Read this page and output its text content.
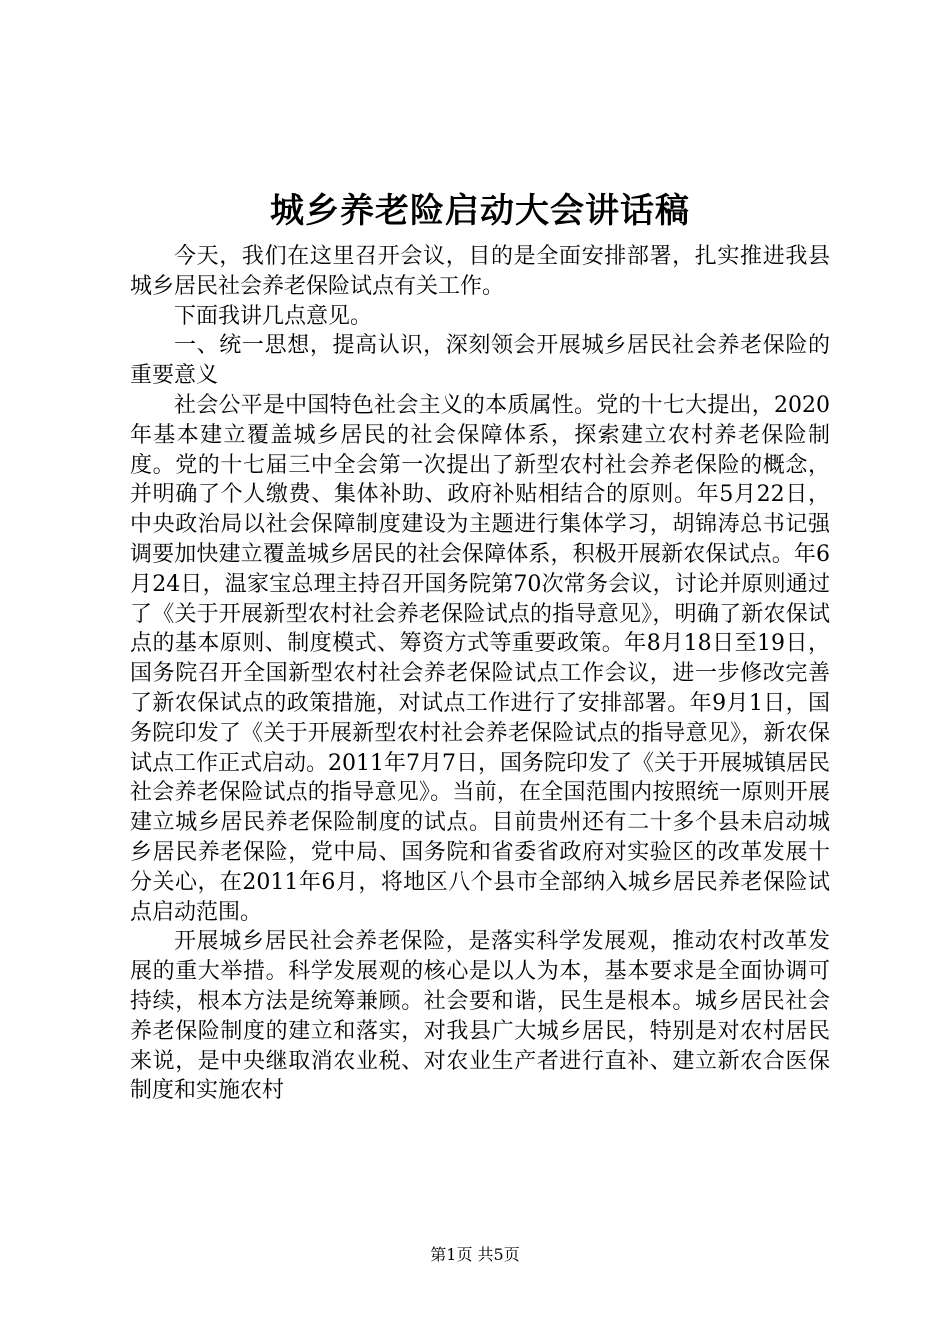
城乡养老险启动大会讲话稿

今天，我们在这里召开会议，目的是全面安排部署，扎实推进我县城乡居民社会养老保险试点有关工作。

下面我讲几点意见。

一、统一思想，提高认识，深刻领会开展城乡居民社会养老保险的重要意义

社会公平是中国特色社会主义的本质属性。党的十七大提出，2020年基本建立覆盖城乡居民的社会保障体系，探索建立农村养老保险制度。党的十七届三中全会第一次提出了新型农村社会养老保险的概念，并明确了个人缴费、集体补助、政府补贴相结合的原则。年5月22日，中央政治局以社会保障制度建设为主题进行集体学习，胡锦涛总书记强调要加快建立覆盖城乡居民的社会保障体系，积极开展新农保试点。年6月24日，温家宝总理主持召开国务院第70次常务会议，讨论并原则通过了《关于开展新型农村社会养老保险试点的指导意见》，明确了新农保试点的基本原则、制度模式、筹资方式等重要政策。年8月18日至19日，国务院召开全国新型农村社会养老保险试点工作会议，进一步修改完善了新农保试点的政策措施，对试点工作进行了安排部署。年9月1日，国务院印发了《关于开展新型农村社会养老保险试点的指导意见》，新农保试点工作正式启动。2011年7月7日，国务院印发了《关于开展城镇居民社会养老保险试点的指导意见》。当前，在全国范围内按照统一原则开展建立城乡居民养老保险制度的试点。目前贵州还有二十多个县未启动城乡居民养老保险，党中局、国务院和省委省政府对实验区的改革发展十分关心，在2011年6月，将地区八个县市全部纳入城乡居民养老保险试点启动范围。

开展城乡居民社会养老保险，是落实科学发展观，推动农村改革发展的重大举措。科学发展观的核心是以人为本，基本要求是全面协调可持续，根本方法是统筹兼顾。社会要和谐，民生是根本。城乡居民社会养老保险制度的建立和落实，对我县广大城乡居民，特别是对农村居民来说，是中央继取消农业税、对农业生产者进行直补、建立新农合医保制度和实施农村

第1页 共5页
